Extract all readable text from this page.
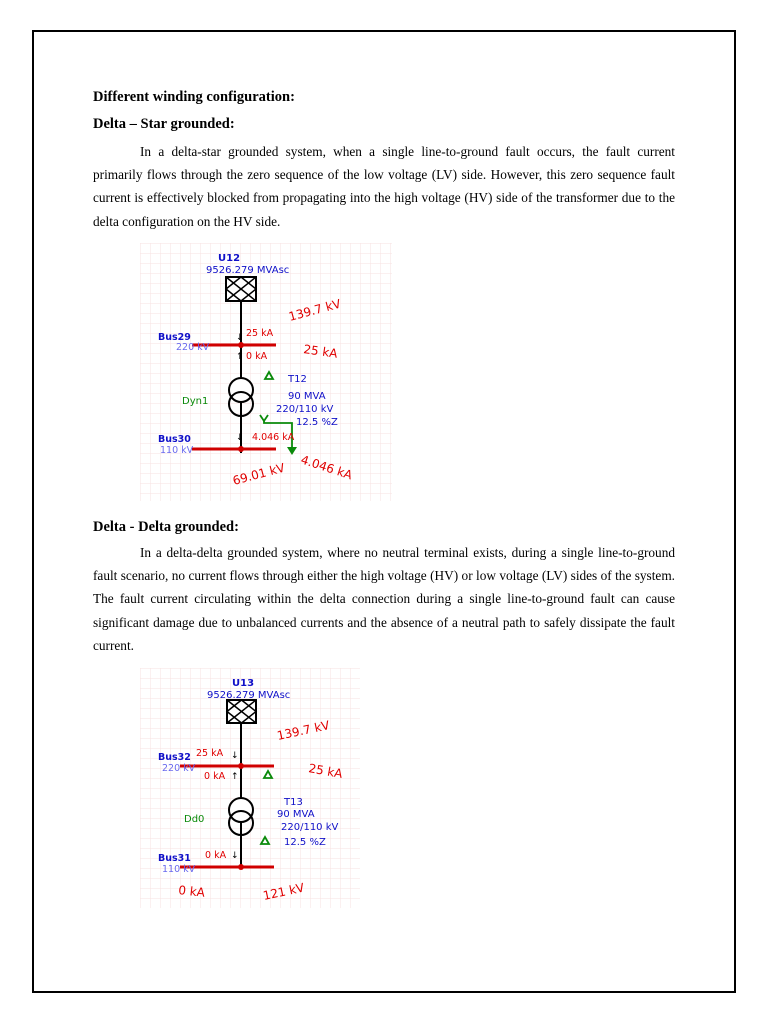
Different winding configuration:
Delta – Star grounded:

In a delta-star grounded system, when a single line-to-ground fault occurs, the fault current primarily flows through the zero sequence of the low voltage (LV) side. However, this zero sequence fault current is effectively blocked from propagating into the high voltage (HV) side of the transformer due to the delta configuration on the HV side.

U12
9526.279 MVAsc
139.7 kV
Bus29
220 kV
25 kA
↓
0 kA
↑	25 kA
Dyn1
T12
90 MVA
220/110 kV
12.5 %Z
Bus30
110 kV
↓ 4.046 kA
69.01 kV 4.046 kA
Delta - Delta grounded:

In a delta-delta grounded system, where no neutral terminal exists, during a single line-to-ground fault scenario, no current flows through either the high voltage (HV) or low voltage (LV) sides of the system. The fault current circulating within the delta connection during a single line-to-ground fault can cause significant damage due to unbalanced currents and the absence of a neutral path to safely dissipate the fault current.

U13
9526.279 MVAsc
139.7 kV
Bus32
220 kV
25 kA ↓
0 kA ↑	25 kA
Dd0
T13
90 MVA
220/110 kV
12.5 %Z
Bus31
110 kV
0 kA ↓
0 kA	121 kV
